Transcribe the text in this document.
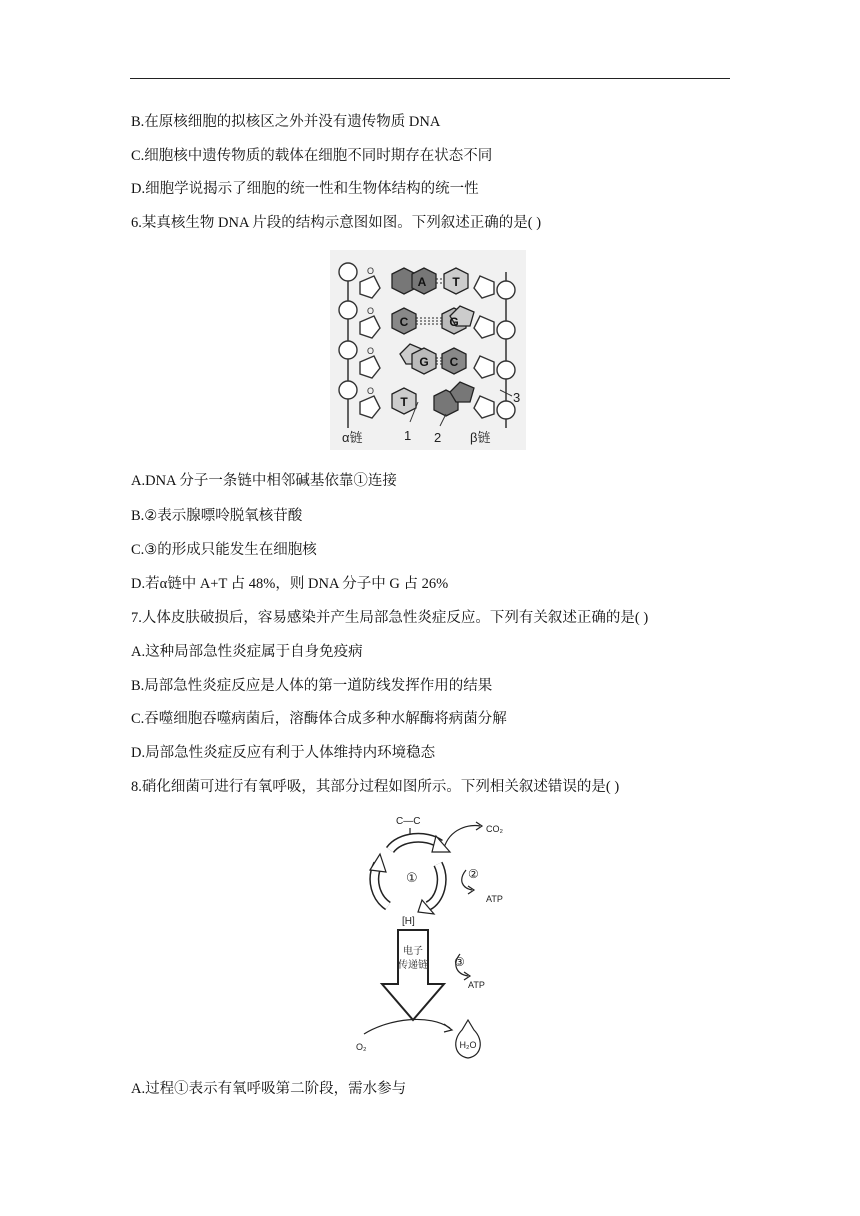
B.在原核细胞的拟核区之外并没有遗传物质 DNA
C.细胞核中遗传物质的载体在细胞不同时期存在状态不同
D.细胞学说揭示了细胞的统一性和生物体结构的统一性
6.某真核生物 DNA 片段的结构示意图如图。下列叙述正确的是( )
O
O
O
O
A T
C	G
G C
T	3
α链	1 2 β链
A.DNA 分子一条链中相邻碱基依靠①连接
B.②表示腺嘌呤脱氧核苷酸
C.③的形成只能发生在细胞核
D.若α链中 A+T 占 48%，则 DNA 分子中 G 占 26%
7.人体皮肤破损后，容易感染并产生局部急性炎症反应。下列有关叙述正确的是( )
A.这种局部急性炎症属于自身免疫病
B.局部急性炎症反应是人体的第一道防线发挥作用的结果
C.吞噬细胞吞噬病菌后，溶酶体合成多种水解酶将病菌分解
D.局部急性炎症反应有利于人体维持内环境稳态
8.硝化细菌可进行有氧呼吸，其部分过程如图所示。下列相关叙述错误的是( )
C—C
CO₂
①	②
ATP
[H]
电子
传递链 ③
ATP
O₂	H₂O
A.过程①表示有氧呼吸第二阶段，需水参与
